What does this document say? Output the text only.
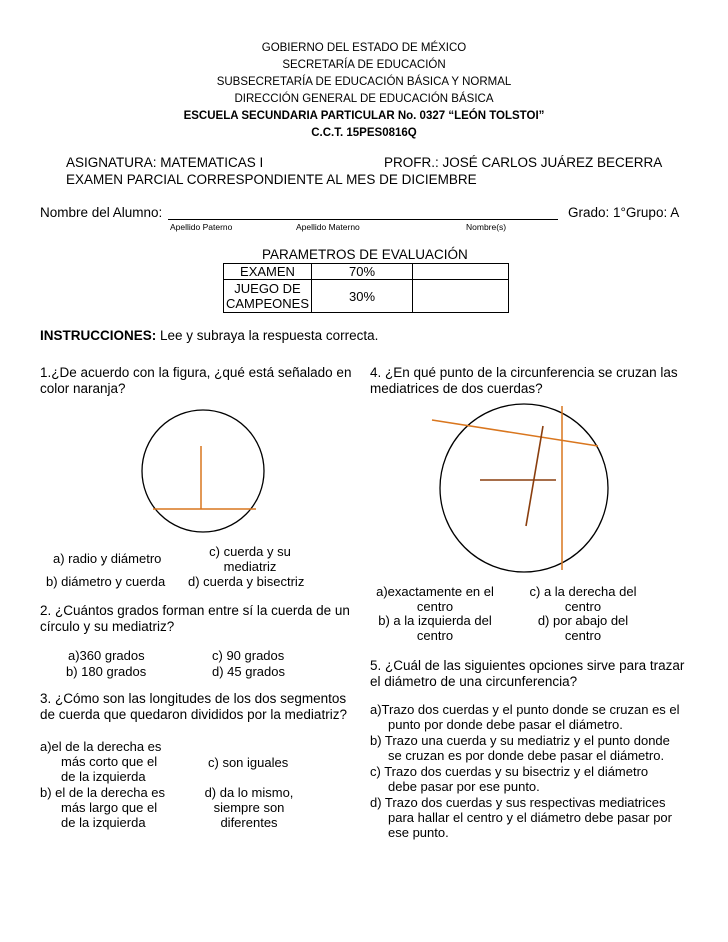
GOBIERNO DEL ESTADO DE MÉXICO
SECRETARÍA DE EDUCACIÓN
SUBSECRETARÍA DE EDUCACIÓN BÁSICA Y NORMAL
DIRECCIÓN GENERAL DE EDUCACIÓN BÁSICA
ESCUELA SECUNDARIA PARTICULAR No. 0327 “LEÓN TOLSTOI”
C.C.T. 15PES0816Q
ASIGNATURA: MATEMATICAS I	PROFR.: JOSÉ CARLOS JUÁREZ BECERRA
EXAMEN PARCIAL CORRESPONDIENTE AL MES DE DICIEMBRE
Nombre del Alumno:	Grado: 1°Grupo: A
Apellido Paterno	Apellido Materno	Nombre(s)
PARAMETROS DE EVALUACIÓN
EXAMEN	70%	

JUEGO DE
CAMPEONES	30%	
INSTRUCCIONES: Lee y subraya la respuesta correcta.
1.¿De acuerdo con la figura, ¿qué está señalado en
color naranja?
a) radio y diámetro	c) cuerda y su
mediatriz
b) diámetro y cuerda d) cuerda y bisectriz
2. ¿Cuántos grados forman entre sí la cuerda de un
círculo y su mediatriz?
a)360 grados	c) 90 grados
b) 180 grados	d) 45 grados
3. ¿Cómo son las longitudes de los dos segmentos
de cuerda que quedaron divididos por la mediatriz?
a)el de la derecha es
más corto que el
de la izquierda
c) son iguales
b) el de la derecha es
más largo que el
de la izquierda
d) da lo mismo,
siempre son
diferentes
4. ¿En qué punto de la circunferencia se cruzan las
mediatrices de dos cuerdas?
a)exactamente en el
centro
c) a la derecha del
centro
b) a la izquierda del
centro
d) por abajo del
centro
5. ¿Cuál de las siguientes opciones sirve para trazar
el diámetro de una circunferencia?
a)Trazo dos cuerdas y el punto donde se cruzan es el
punto por donde debe pasar el diámetro.
b) Trazo una cuerda y su mediatriz y el punto donde
se cruzan es por donde debe pasar el diámetro.
c) Trazo dos cuerdas y su bisectriz y el diámetro
debe pasar por ese punto.
d) Trazo dos cuerdas y sus respectivas mediatrices
para hallar el centro y el diámetro debe pasar por
ese punto.
